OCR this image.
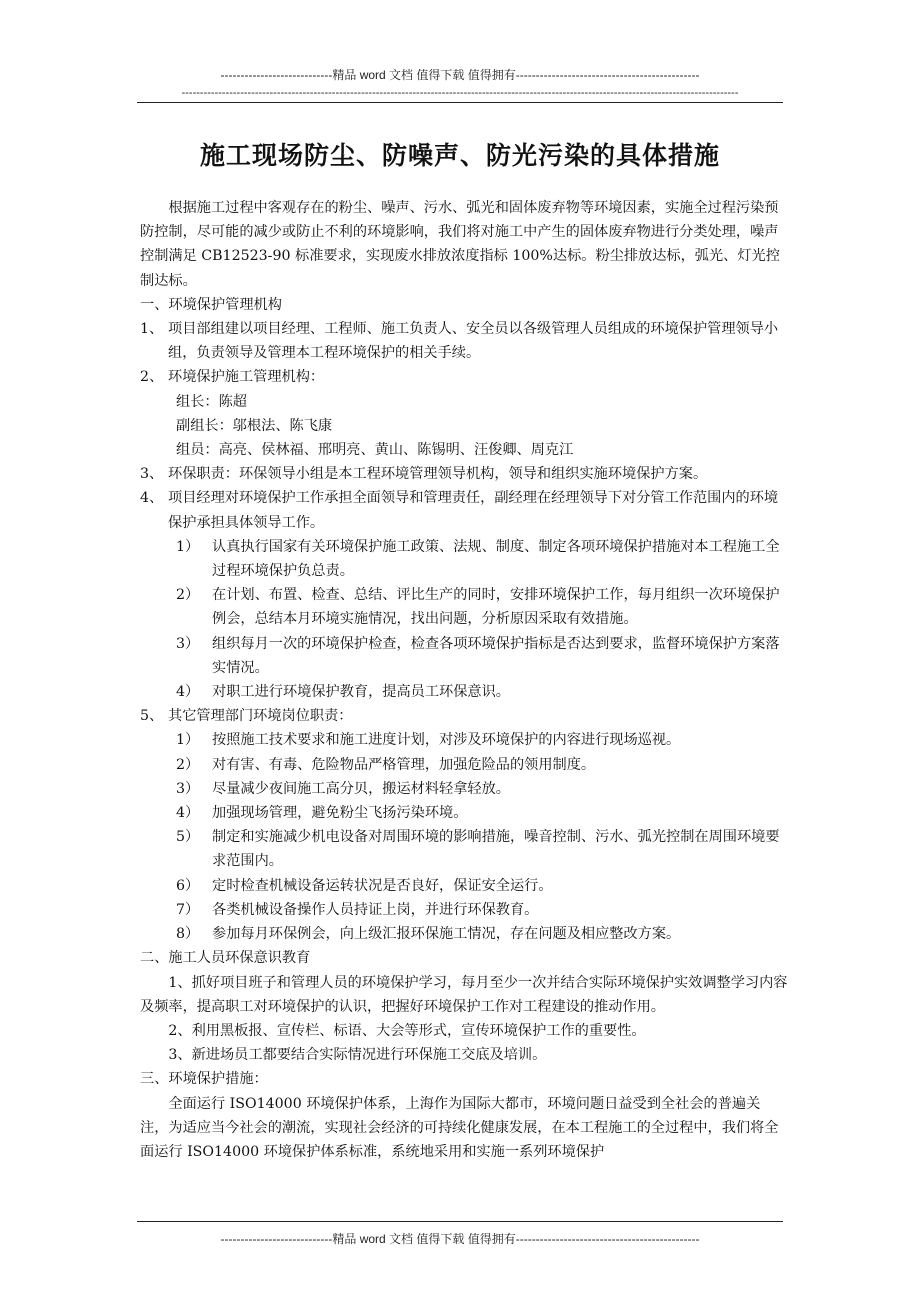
----------------------------精品 word 文档 值得下载 值得拥有----------------------------------------------
--------------------------------------------------------------------------------------------------------------------------------------------------------
施工现场防尘、防噪声、防光污染的具体措施

根据施工过程中客观存在的粉尘、噪声、污水、弧光和固体废弃物等环境因素，实施全过程污染预防控制，尽可能的减少或防止不利的环境影响，我们将对施工中产生的固体废弃物进行分类处理，噪声控制满足 CB12523-90 标准要求，实现废水排放浓度指标 100%达标。粉尘排放达标，弧光、灯光控制达标。

一、环境保护管理机构

1、 项目部组建以项目经理、工程师、施工负责人、安全员以各级管理人员组成的环境保护管理领导小组，负责领导及管理本工程环境保护的相关手续。
2、 环境保护施工管理机构：

组长：陈超

副组长：邬根法、陈飞康

组员：高亮、侯林福、邢明亮、黄山、陈锡明、汪俊卿、周克江

3、 环保职责：环保领导小组是本工程环境管理领导机构，领导和组织实施环境保护方案。
4、 项目经理对环境保护工作承担全面领导和管理责任，副经理在经理领导下对分管工作范围内的环境保护承担具体领导工作。
1） 认真执行国家有关环境保护施工政策、法规、制度、制定各项环境保护措施对本工程施工全过程环境保护负总责。
2） 在计划、布置、检查、总结、评比生产的同时，安排环境保护工作，每月组织一次环境保护例会，总结本月环境实施情况，找出问题，分析原因采取有效措施。
3） 组织每月一次的环境保护检查，检查各项环境保护指标是否达到要求，监督环境保护方案落实情况。
4） 对职工进行环境保护教育，提高员工环保意识。
5、 其它管理部门环境岗位职责：
1） 按照施工技术要求和施工进度计划，对涉及环境保护的内容进行现场巡视。
2） 对有害、有毒、危险物品严格管理，加强危险品的领用制度。
3） 尽量减少夜间施工高分贝，搬运材料轻拿轻放。
4） 加强现场管理，避免粉尘飞扬污染环境。
5） 制定和实施减少机电设备对周围环境的影响措施，噪音控制、污水、弧光控制在周围环境要求范围内。
6） 定时检查机械设备运转状况是否良好，保证安全运行。
7） 各类机械设备操作人员持证上岗，并进行环保教育。
8） 参加每月环保例会，向上级汇报环保施工情况，存在问题及相应整改方案。

二、施工人员环保意识教育

1、抓好项目班子和管理人员的环境保护学习，每月至少一次并结合实际环境保护实效调整学习内容及频率，提高职工对环境保护的认识，把握好环境保护工作对工程建设的推动作用。

2、利用黑板报、宣传栏、标语、大会等形式，宣传环境保护工作的重要性。

3、新进场员工都要结合实际情况进行环保施工交底及培训。

三、环境保护措施：

全面运行 ISO14000 环境保护体系，上海作为国际大都市，环境问题日益受到全社会的普遍关注，为适应当今社会的潮流，实现社会经济的可持续化健康发展，在本工程施工的全过程中，我们将全面运行 ISO14000 环境保护体系标准，系统地采用和实施一系列环境保护

----------------------------精品 word 文档 值得下载 值得拥有----------------------------------------------
